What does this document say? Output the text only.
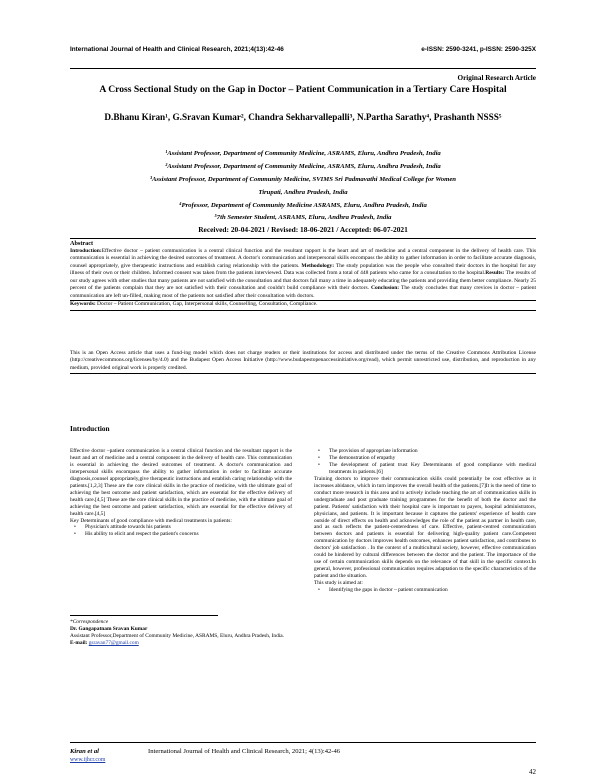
International Journal of Health and Clinical Research, 2021;4(13):42-46	e-ISSN: 2590-3241, p-ISSN: 2590-325X
Original Research Article
A Cross Sectional Study on the Gap in Doctor – Patient Communication in a Tertiary Care Hospital
D.Bhanu Kiran¹, G.Sravan Kumar², Chandra Sekharvallepalli³, N.Partha Sarathy⁴, Prashanth NSSS⁵
¹Assistant Professor, Department of Community Medicine, ASRAMS, Eluru, Andhra Pradesh, India
²Assistant Professor, Department of Community Medicine, ASRAMS, Eluru, Andhra Pradesh, India
³Assistant Professor, Department of Community Medicine, SVIMS Sri Padmavathi Medical College for Women
Tirupati, Andhra Pradesh, India
⁴Professor, Department of Community Medicine ASRAMS, Eluru, Andhra Pradesh, India
⁵7th Semester Student, ASRAMS, Eluru, Andhra Pradesh, India
Received: 20-04-2021 / Revised: 18-06-2021 / Accepted: 06-07-2021
Abstract

Introduction:Effective doctor – patient communication is a central clinical function and the resultant rapport is the heart and art of medicine and a central component in the delivery of health care. This communication is essential in achieving the desired outcomes of treatment. A doctor's communication and interpersonal skills encompass the ability to gather information in order to facilitate accurate diagnosis, counsel appropriately, give therapeutic instructions and establish caring relationship with the patients. Methodology: The study population was the people who consulted their doctors in the hospital for any illness of their own or their children. Informed consent was taken from the patients interviewed. Data was collected from a total of 448 patients who came for a consultation to the hospital.Results: The results of our study agrees with other studies that many patients are not satisfied with the consultation and that doctors fail many a time in adequately educating the patients and providing them better compliance. Nearly 25 percent of the patients complain that they are not satisfied with their consultation and couldn't build compliance with their doctors. Conclusion: The study concludes that many crevices in doctor – patient communication are left un-filled, making most of the patients not satisfied after their consultation with doctors.

Keywords: Doctor – Patient Communication, Gap, Interpersonal skills, Counselling, Consultation, Compliance.

This is an Open Access article that uses a fund-ing model which does not charge readers or their institutions for access and distributed under the terms of the Creative Commons Attribution License (http://creativecommons.org/licenses/by/4.0) and the Budapest Open Access Initiative (http://www.budapestopenaccessinitiative.org/read), which permit unrestricted use, distribution, and reproduction in any medium, provided original work is properly credited.
Introduction

Effective doctor –patient communication is a central clinical function and the resultant rapport is the heart and art of medicine and a central component in the delivery of health care. This communication is essential in achieving the desired outcomes of treatment. A doctor's communication and interpersonal skills encompass the ability to gather information in order to facilitate accurate diagnosis,counsel appropriately,give therapeutic instructions and establish caring relationship with the patients.[1,2,3] These are the core clinical skills in the practice of medicine, with the ultimate goal of achieving the best outcome and patient satisfaction, which are essential for the effective delivery of health care.[4,5] These are the core clinical skills in the practice of medicine, with the ultimate goal of achieving the best outcome and patient satisfaction, which are essential for the effective delivery of health care.[4,5]

Key Determinants of good compliance with medical treatments in patients:

• Physician's attitude towards his patients
• His ability to elicit and respect the patient's concerns
*Correspondence
Dr. Gangapatnam Sravan Kumar
Assistant Professor,Department of Community Medicine, ASRAMS, Eluru, Andhra Pradesh, India.
E-mail: gsravan77@gmail.com
• The provision of appropriate information
• The demonstration of empathy
• The development of patient trust Key Determinants of good compliance with medical treatments in patients.[6]

Training doctors to improve their communication skills could potentially be cost effective as it increases abidance, which in turn improves the overall health of the patients.[7]It is the need of time to conduct more research in this area and to actively include teaching the art of communication skills in undergraduate and post graduate training programmes for the benefit of both the doctor and the patient. Patients' satisfaction with their hospital care is important to payers, hospital administrators, physicians, and patients. It is important because it captures the patients' experience of health care outside of direct effects on health and acknowledges the role of the patient as partner in health care, and as such reflects the patient-centeredness of care. Effective, patient-centred communication between doctors and patients is essential for delivering high-quality patient care.Competent communication by doctors improves health outcomes, enhances patient satisfaction, and contributes to doctors' job satisfaction . In the context of a multicultural society, however, effective communication could be hindered by cultural differences between the doctor and the patient. The importance of the use of certain communication skills depends on the relevance of that skill in the specific context.In general, however, professional communication requires adaptation to the specific characteristics of the patient and the situation.

This study is aimed at:

• Identifying the gaps in doctor – patient communication
Kiran et al	International Journal of Health and Clinical Research, 2021; 4(13):42-46
www.ijhcr.com
42
